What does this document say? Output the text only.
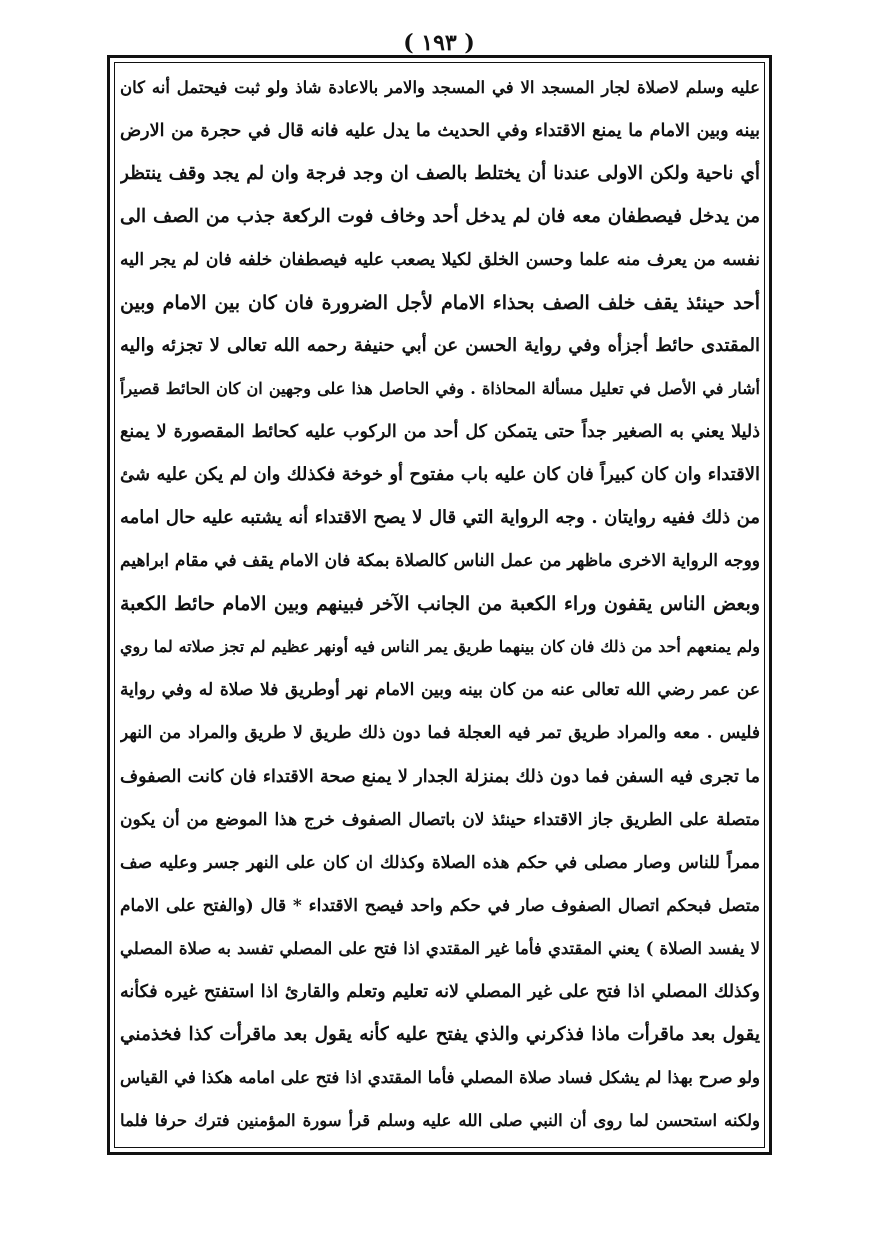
( ١٩٣ )
عليه وسلم لاصلاة لجار المسجد الا في المسجد والامر بالاعادة شاذ ولو ثبت فيحتمل أنه كان
بينه وبين الامام ما يمنع الاقتداء وفي الحديث ما يدل عليه فانه قال في حجرة من الارض
أي ناحية ولكن الاولى عندنا أن يختلط بالصف ان وجد فرجة وان لم يجد وقف ينتظر
من يدخل فيصطفان معه فان لم يدخل أحد وخاف فوت الركعة جذب من الصف الى
نفسه من يعرف منه علما وحسن الخلق لكيلا يصعب عليه فيصطفان خلفه فان لم يجر اليه
أحد حينئذ يقف خلف الصف بحذاء الامام لأجل الضرورة فان كان بين الامام وبين
المقتدى حائط أجزأه وفي رواية الحسن عن أبي حنيفة رحمه الله تعالى لا تجزئه واليه
أشار في الأصل في تعليل مسألة المحاذاة . وفي الحاصل هذا على وجهين ان كان الحائط قصيراً
ذليلا يعني به الصغير جداً حتى يتمكن كل أحد من الركوب عليه كحائط المقصورة لا يمنع
الاقتداء وان كان كبيراً فان كان عليه باب مفتوح أو خوخة فكذلك وان لم يكن عليه شئ
من ذلك ففيه روايتان . وجه الرواية التي قال لا يصح الاقتداء أنه يشتبه عليه حال امامه
ووجه الرواية الاخرى ماظهر من عمل الناس كالصلاة بمكة فان الامام يقف في مقام ابراهيم
وبعض الناس يقفون وراء الكعبة من الجانب الآخر فبينهم وبين الامام حائط الكعبة
ولم يمنعهم أحد من ذلك فان كان بينهما طريق يمر الناس فيه أونهر عظيم لم تجز صلاته لما روي
عن عمر رضي الله تعالى عنه من كان بينه وبين الامام نهر أوطريق فلا صلاة له وفي رواية
فليس . معه والمراد طريق تمر فيه العجلة فما دون ذلك طريق لا طريق والمراد من النهر
ما تجرى فيه السفن فما دون ذلك بمنزلة الجدار لا يمنع صحة الاقتداء فان كانت الصفوف
متصلة على الطريق جاز الاقتداء حينئذ لان باتصال الصفوف خرج هذا الموضع من أن يكون
ممراً للناس وصار مصلى في حكم هذه الصلاة وكذلك ان كان على النهر جسر وعليه صف
متصل فبحكم اتصال الصفوف صار في حكم واحد فيصح الاقتداء * قال (والفتح على الامام
لا يفسد الصلاة ) يعني المقتدي فأما غير المقتدي اذا فتح على المصلي تفسد به صلاة المصلي
وكذلك المصلي اذا فتح على غير المصلي لانه تعليم وتعلم والقارئ اذا استفتح غيره فكأنه
يقول بعد ماقرأت ماذا فذكرني والذي يفتح عليه كأنه يقول بعد ماقرأت كذا فخذمني
ولو صرح بهذا لم يشكل فساد صلاة المصلي فأما المقتدي اذا فتح على امامه هكذا في القياس
ولكنه استحسن لما روى أن النبي صلى الله عليه وسلم قرأ سورة المؤمنين فترك حرفا فلما
